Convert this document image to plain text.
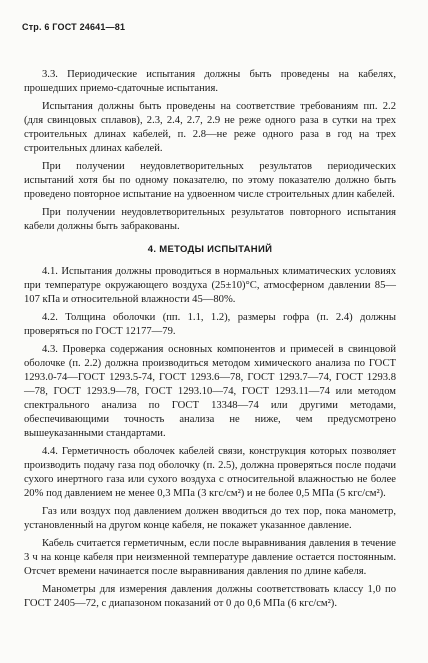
Стр. 6 ГОСТ 24641—81

3.3. Периодические испытания должны быть проведены на кабелях, прошедших приемо-сдаточные испытания.

Испытания должны быть проведены на соответствие требованиям пп. 2.2 (для свинцовых сплавов), 2.3, 2.4, 2.7, 2.9 не реже одного раза в сутки на трех строительных длинах кабелей, п. 2.8—не реже одного раза в год на трех строительных длинах кабелей.

При получении неудовлетворительных результатов периодических испытаний хотя бы по одному показателю, по этому показателю должно быть проведено повторное испытание на удвоенном числе строительных длин кабелей.

При получении неудовлетворительных результатов повторного испытания кабели должны быть забракованы.

4. МЕТОДЫ ИСПЫТАНИЙ

4.1. Испытания должны проводиться в нормальных климатических условиях при температуре окружающего воздуха (25±10)°С, атмосферном давлении 85—107 кПа и относительной влажности 45—80%.

4.2. Толщина оболочки (пп. 1.1, 1.2), размеры гофра (п. 2.4) должны проверяться по ГОСТ 12177—79.

4.3. Проверка содержания основных компонентов и примесей в свинцовой оболочке (п. 2.2) должна производиться методом химического анализа по ГОСТ 1293.0-74—ГОСТ 1293.5-74, ГОСТ 1293.6—78, ГОСТ 1293.7—74, ГОСТ 1293.8—78, ГОСТ 1293.9—78, ГОСТ 1293.10—74, ГОСТ 1293.11—74 или методом спектрального анализа по ГОСТ 13348—74 или другими методами, обеспечивающими точность анализа не ниже, чем предусмотрено вышеуказанными стандартами.

4.4. Герметичность оболочек кабелей связи, конструкция которых позволяет производить подачу газа под оболочку (п. 2.5), должна проверяться после подачи сухого инертного газа или сухого воздуха с относительной влажностью не более 20% под давлением не менее 0,3 МПа (3 кгс/см²) и не более 0,5 МПа (5 кгс/см²).

Газ или воздух под давлением должен вводиться до тех пор, пока манометр, установленный на другом конце кабеля, не покажет указанное давление.

Кабель считается герметичным, если после выравнивания давления в течение 3 ч на конце кабеля при неизменной температуре давление остается постоянным. Отсчет времени начинается после выравнивания давления по длине кабеля.

Манометры для измерения давления должны соответствовать классу 1,0 по ГОСТ 2405—72, с диапазоном показаний от 0 до 0,6 МПа (6 кгс/см²).
